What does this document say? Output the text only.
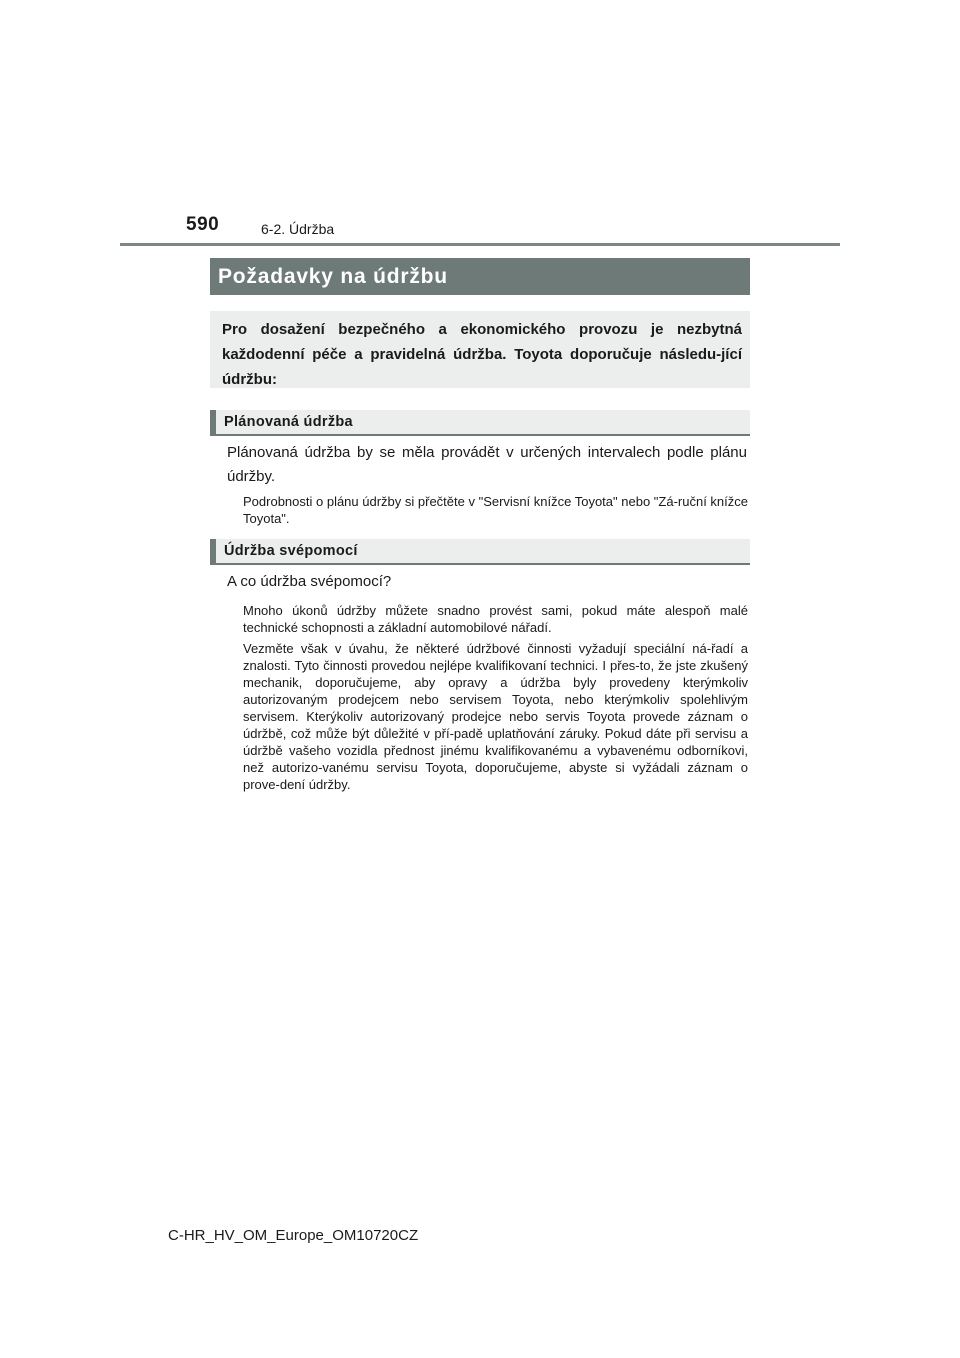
590	6-2. Údržba
Požadavky na údržbu
Pro dosažení bezpečného a ekonomického provozu je nezbytná každodenní péče a pravidelná údržba. Toyota doporučuje následu-jící údržbu:
Plánovaná údržba
Plánovaná údržba by se měla provádět v určených intervalech podle plánu údržby.
Podrobnosti o plánu údržby si přečtěte v "Servisní knížce Toyota" nebo "Zá-ruční knížce Toyota".
Údržba svépomocí
A co údržba svépomocí?
Mnoho úkonů údržby můžete snadno provést sami, pokud máte alespoň malé technické schopnosti a základní automobilové nářadí.
Vezměte však v úvahu, že některé údržbové činnosti vyžadují speciální ná-řadí a znalosti. Tyto činnosti provedou nejlépe kvalifikovaní technici. I přes-to, že jste zkušený mechanik, doporučujeme, aby opravy a údržba byly provedeny kterýmkoliv autorizovaným prodejcem nebo servisem Toyota, nebo kterýmkoliv spolehlivým servisem. Kterýkoliv autorizovaný prodejce nebo servis Toyota provede záznam o údržbě, což může být důležité v pří-padě uplatňování záruky. Pokud dáte při servisu a údržbě vašeho vozidla přednost jinému kvalifikovanému a vybavenému odborníkovi, než autorizo-vanému servisu Toyota, doporučujeme, abyste si vyžádali záznam o prove-dení údržby.
C-HR_HV_OM_Europe_OM10720CZ
